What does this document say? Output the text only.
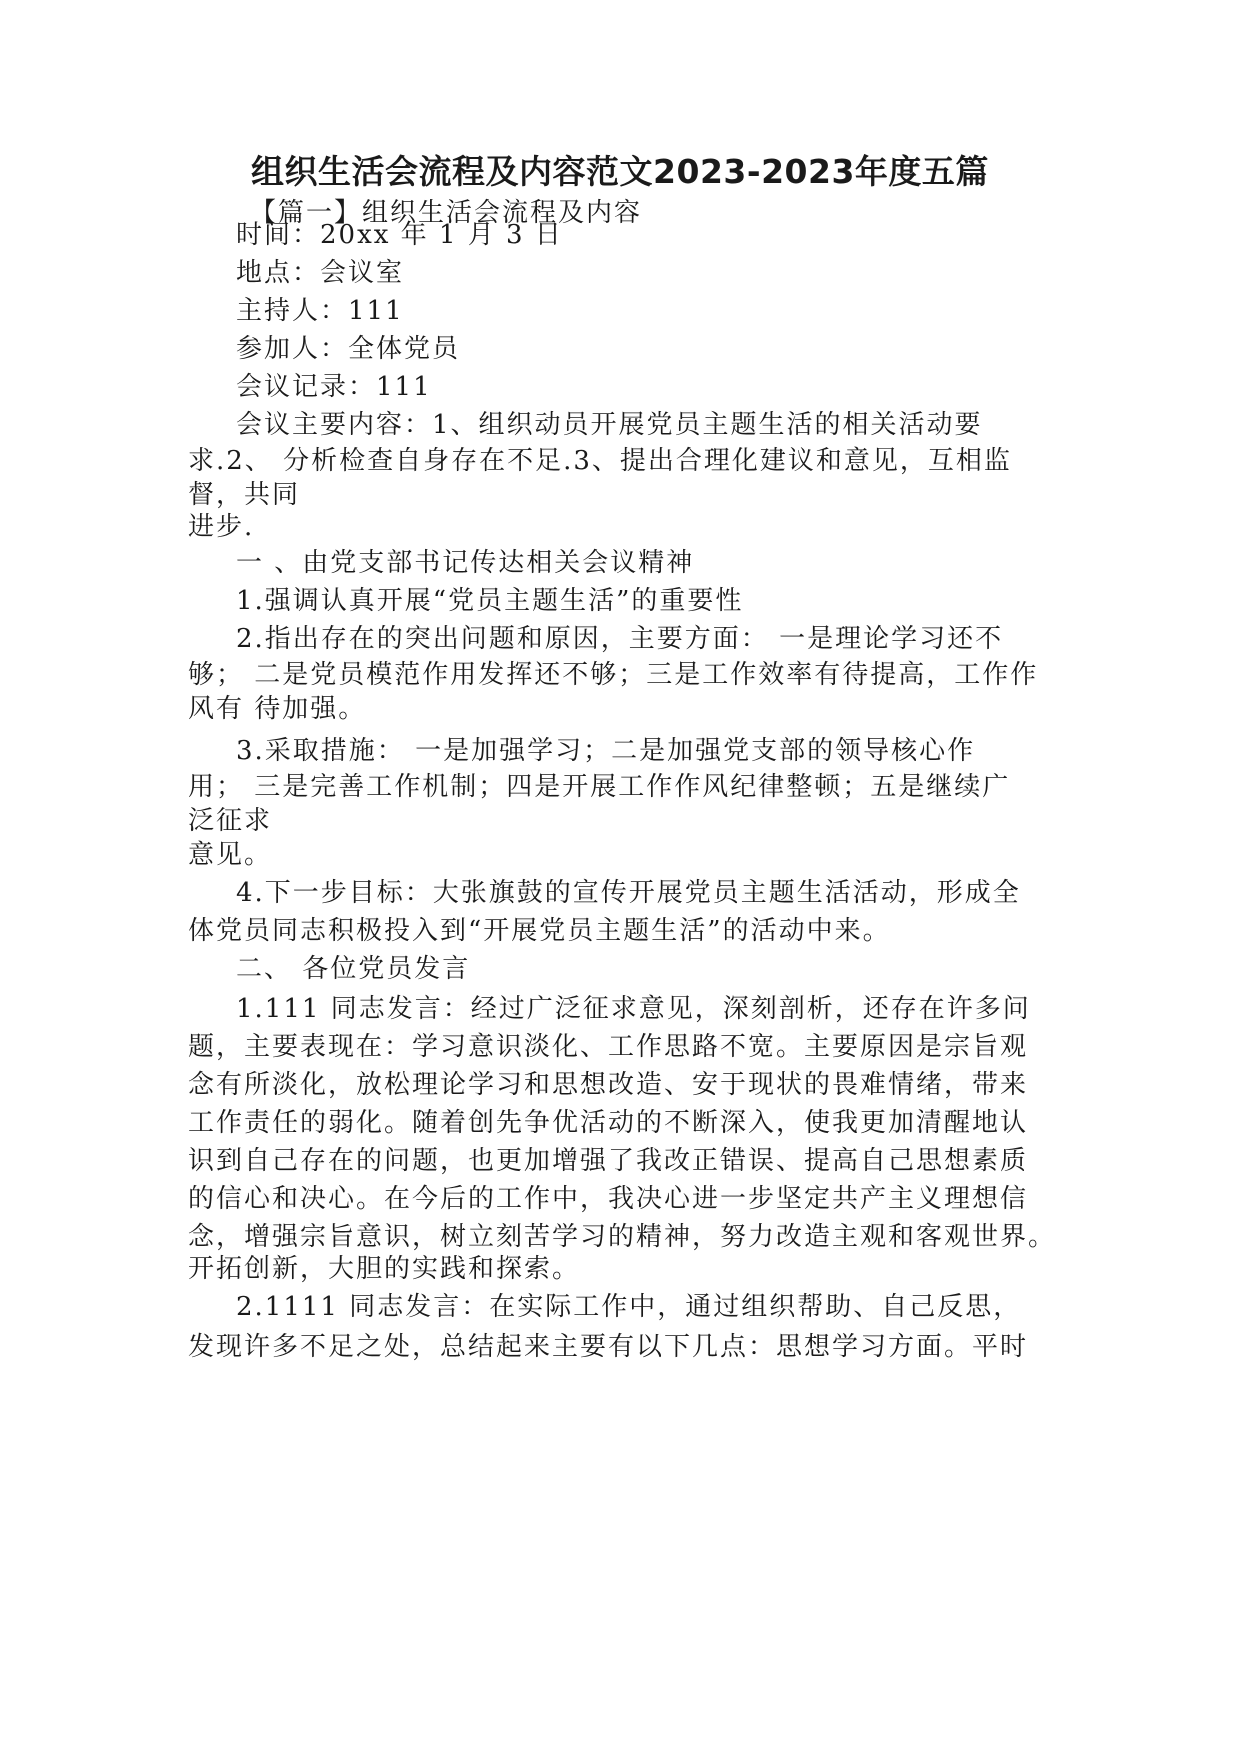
组织生活会流程及内容范文2023-2023年度五篇

【篇一】组织生活会流程及内容

时间：20xx 年 1 月 3 日

地点：会议室

主持人：111

参加人：全体党员

会议记录：111

会议主要内容：1、组织动员开展党员主题生活的相关活动要

求.2、 分析检查自身存在不足.3、提出合理化建议和意见，互相监

督，共同

进步.

一 、由党支部书记传达相关会议精神

1.强调认真开展“党员主题生活”的重要性

2.指出存在的突出问题和原因，主要方面： 一是理论学习还不

够； 二是党员模范作用发挥还不够；三是工作效率有待提高，工作作

风有 待加强。

3.采取措施： 一是加强学习；二是加强党支部的领导核心作

用； 三是完善工作机制；四是开展工作作风纪律整顿；五是继续广

泛征求

意见。

4.下一步目标：大张旗鼓的宣传开展党员主题生活活动，形成全

体党员同志积极投入到“开展党员主题生活”的活动中来。

二、 各位党员发言

1.111 同志发言：经过广泛征求意见，深刻剖析，还存在许多问

题，主要表现在：学习意识淡化、工作思路不宽。主要原因是宗旨观

念有所淡化，放松理论学习和思想改造、安于现状的畏难情绪，带来

工作责任的弱化。随着创先争优活动的不断深入，使我更加清醒地认

识到自己存在的问题，也更加增强了我改正错误、提高自己思想素质

的信心和决心。在今后的工作中，我决心进一步坚定共产主义理想信

念，增强宗旨意识，树立刻苦学习的精神，努力改造主观和客观世界。

开拓创新，大胆的实践和探索。

2.1111 同志发言：在实际工作中，通过组织帮助、自己反思，

发现许多不足之处，总结起来主要有以下几点：思想学习方面。平时
